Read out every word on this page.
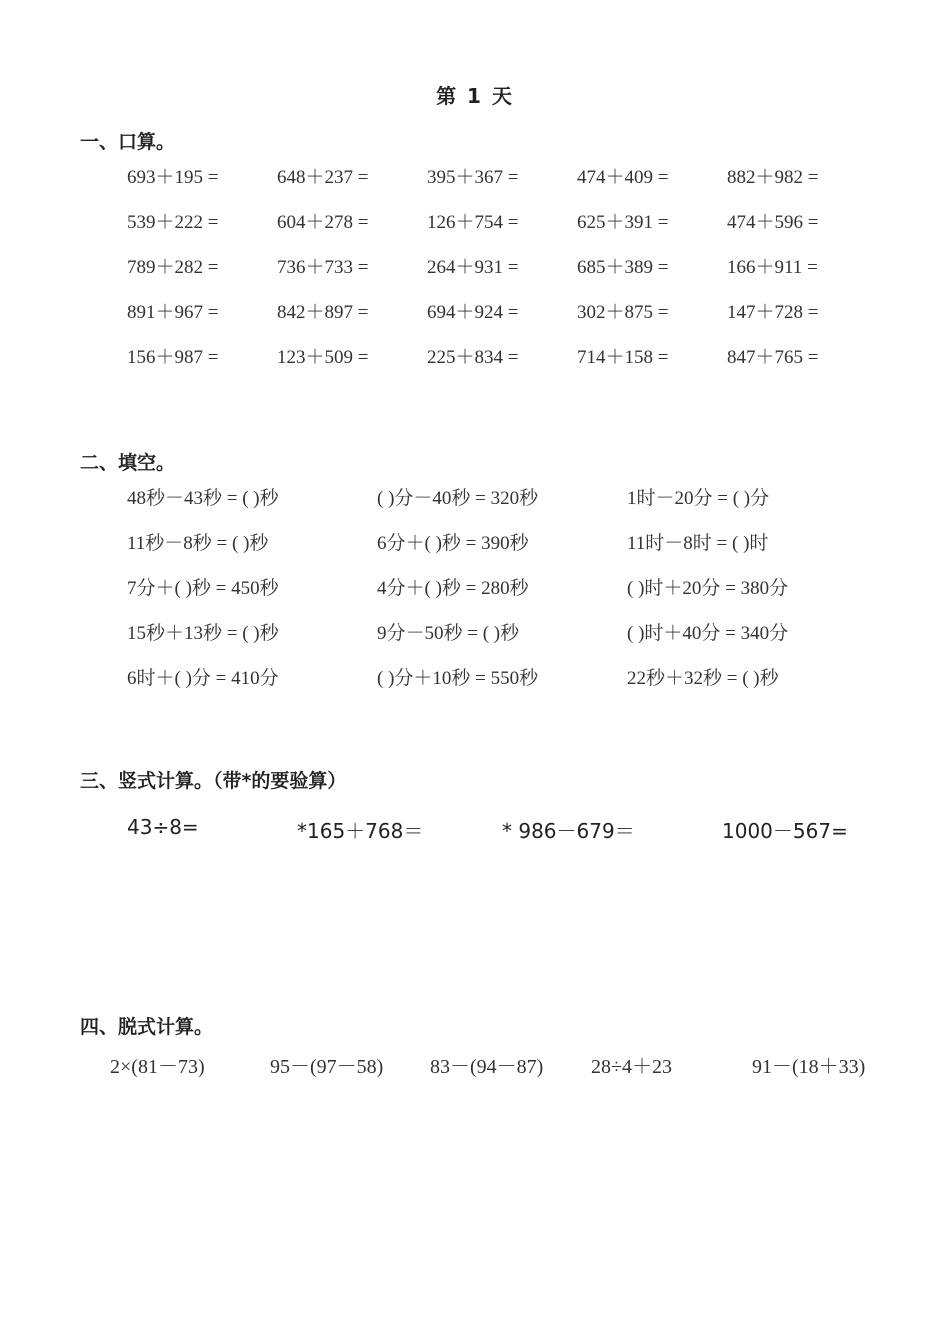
第 1 天
一、口算。
693＋195 =	648＋237 =	395＋367 =	474＋409 =	882＋982 =
539＋222 =	604＋278 =	126＋754 =	625＋391 =	474＋596 =
789＋282 =	736＋733 =	264＋931 =	685＋389 =	166＋911 =
891＋967 =	842＋897 =	694＋924 =	302＋875 =	147＋728 =
156＋987 =	123＋509 =	225＋834 =	714＋158 =	847＋765 =
二、填空。
48秒－43秒 = ( )秒	( )分－40秒 = 320秒	1时－20分 = ( )分
11秒－8秒 = ( )秒	6分＋( )秒 = 390秒	11时－8时 = ( )时
7分＋( )秒 = 450秒	4分＋( )秒 = 280秒	( )时＋20分 = 380分
15秒＋13秒 = ( )秒	9分－50秒 = ( )秒	( )时＋40分 = 340分
6时＋( )分 = 410分	( )分＋10秒 = 550秒	22秒＋32秒 = ( )秒
三、竖式计算。（带*的要验算）
43÷8=	*165＋768＝	* 986－679＝	1000－567=
四、脱式计算。
2×(81－73)	95－(97－58) 83－(94－87) 28÷4＋23	91－(18＋33)
